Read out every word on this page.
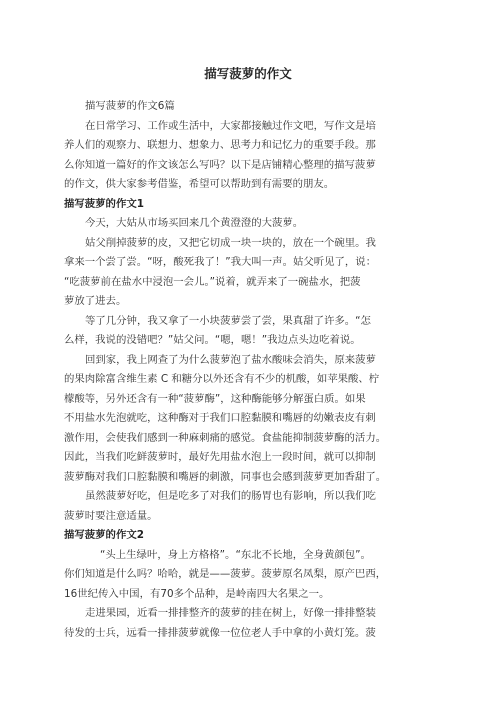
描写菠萝的作文
描写菠萝的作文6篇
在日常学习、工作或生活中，大家都接触过作文吧，写作文是培
养人们的观察力、联想力、想象力、思考力和记忆力的重要手段。那
么你知道一篇好的作文该怎么写吗？以下是店铺精心整理的描写菠萝
的作文，供大家参考借鉴，希望可以帮助到有需要的朋友。
描写菠萝的作文1
今天，大姑从市场买回来几个黄澄澄的大菠萝。
姑父削掉菠萝的皮，又把它切成一块一块的，放在一个碗里。我
拿来一个尝了尝。“呀，酸死我了！”我大叫一声。姑父听见了，说：
“吃菠萝前在盐水中浸泡一会儿。”说着，就弄来了一碗盐水，把菠
萝放了进去。
等了几分钟，我又拿了一小块菠萝尝了尝，果真甜了许多。“怎
么样，我说的没错吧？”姑父问。“嗯，嗯！”我边点头边吃着说。
回到家，我上网查了为什么菠萝泡了盐水酸味会消失，原来菠萝
的果肉除富含维生素 C 和糖分以外还含有不少的机酸，如苹果酸、柠
檬酸等，另外还含有一种“菠萝酶”，这种酶能够分解蛋白质。如果
不用盐水先泡就吃，这种酶对于我们口腔黏膜和嘴唇的幼嫩表皮有刺
激作用，会使我们感到一种麻刺痛的感觉。食盐能抑制菠萝酶的活力。
因此，当我们吃鲜菠萝时，最好先用盐水泡上一段时间，就可以抑制
菠萝酶对我们口腔黏膜和嘴唇的刺激，同事也会感到菠萝更加香甜了。
虽然菠萝好吃，但是吃多了对我们的肠胃也有影响，所以我们吃
菠萝时要注意适量。
描写菠萝的作文2
“头上生绿叶，身上方格格”。“东北不长地，全身黄颜包”。
你们知道是什么吗？哈哈，就是——菠萝。菠萝原名凤梨，原产巴西，
16世纪传入中国，有70多个品种，是岭南四大名果之一。
走进果园，近看一排排整齐的菠萝的挂在树上，好像一排排整装
待发的士兵，远看一排排菠萝就像一位位老人手中拿的小黄灯笼。菠
